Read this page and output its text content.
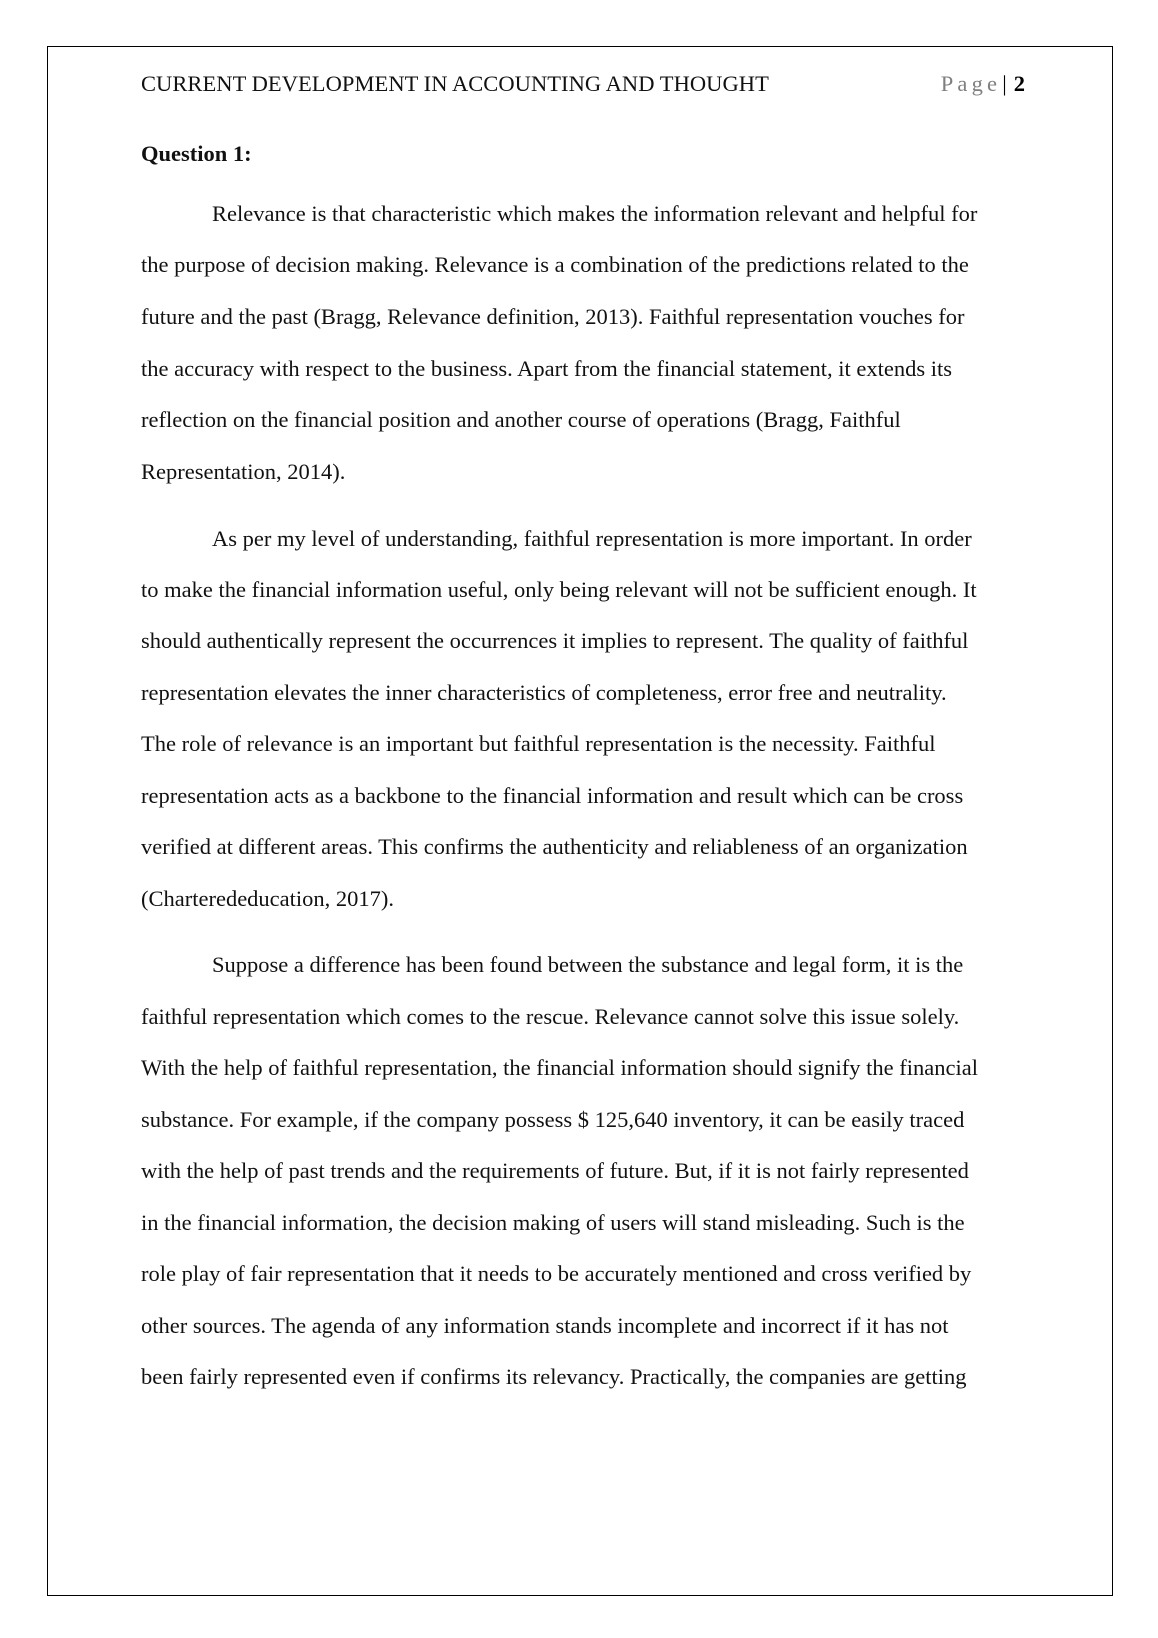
CURRENT DEVELOPMENT IN ACCOUNTING AND THOUGHT	Page| 2
Question 1:
Relevance is that characteristic which makes the information relevant and helpful for
the purpose of decision making. Relevance is a combination of the predictions related to the
future and the past (Bragg, Relevance definition, 2013). Faithful representation vouches for
the accuracy with respect to the business. Apart from the financial statement, it extends its
reflection on the financial position and another course of operations (Bragg, Faithful
Representation, 2014).
As per my level of understanding, faithful representation is more important. In order
to make the financial information useful, only being relevant will not be sufficient enough. It
should authentically represent the occurrences it implies to represent. The quality of faithful
representation elevates the inner characteristics of completeness, error free and neutrality.
The role of relevance is an important but faithful representation is the necessity. Faithful
representation acts as a backbone to the financial information and result which can be cross
verified at different areas. This confirms the authenticity and reliableness of an organization
(Charterededucation, 2017).
Suppose a difference has been found between the substance and legal form, it is the
faithful representation which comes to the rescue. Relevance cannot solve this issue solely.
With the help of faithful representation, the financial information should signify the financial
substance. For example, if the company possess $ 125,640 inventory, it can be easily traced
with the help of past trends and the requirements of future. But, if it is not fairly represented
in the financial information, the decision making of users will stand misleading. Such is the
role play of fair representation that it needs to be accurately mentioned and cross verified by
other sources. The agenda of any information stands incomplete and incorrect if it has not
been fairly represented even if confirms its relevancy. Practically, the companies are getting
